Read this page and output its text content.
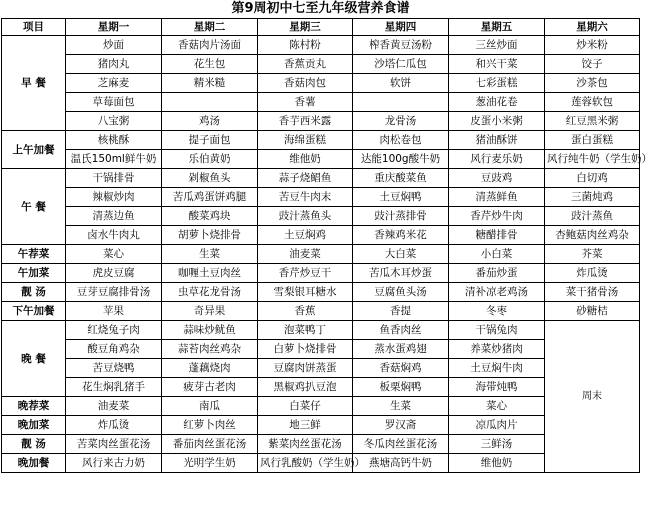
第9周初中七至九年级营养食谱
项目	星期一	星期二	星期三	星期四	星期五	星期六
早 餐	炒面	香菇肉片汤面	陈村粉	榨香黄豆汤粉	三丝炒面	炒米粉
	猪肉丸	花生包	香蕉贡丸	沙塔仁瓜包	和兴干菜	饺子
	芝麻麦	精米糙	香菇肉包	软饼	七彩蛋糕	沙茶包
	草莓面包		香薯		葱油花卷	莲蓉软包
	八宝粥	鸡汤	香芋西米露	龙骨汤	皮蛋小米粥	红豆黑米粥
上午加餐	核桃酥	提子面包	海绵蛋糕	肉松卷包	猪油酥饼	蛋白蛋糕
	温氏150ml鲜牛奶	乐伯黄奶	维他奶	达能100g酸牛奶	风行麦乐奶	风行纯牛奶（学生奶）
午 餐	干锅排骨	剁椒鱼头	蒜子烧鲳鱼	重庆酸菜鱼	豆豉鸡	白切鸡
	辣椒炒肉	苦瓜鸡蛋饼鸡腿	苦豆牛肉末	土豆焖鸭	清蒸鲜鱼	三菌炖鸡
	清蒸边鱼	酸菜鸡块	豉汁蒸鱼头	豉汁蒸排骨	香芹炒牛肉	豉汁蒸鱼
	卤水牛肉丸	胡萝卜烧排骨	土豆焖鸡	香辣鸡米花	糖醋排骨	杏鲍菇肉丝鸡杂
午荐菜	菜心	生菜	油麦菜	大白菜	小白菜	芥菜
午加菜	虎皮豆腐	咖喱土豆肉丝	香芹炒豆干	苦瓜木耳炒蛋	番茄炒蛋	炸瓜烫
靓 汤	豆芽豆腐排骨汤	虫草花龙骨汤	雪梨银耳糖水	豆腐鱼头汤	清补凉老鸡汤	菜干猪骨汤
下午加餐	苹果	奇异果	香蕉	香提	冬枣	砂糖桔
晚 餐	红烧兔子肉	蒜味炒鱿鱼	泡菜鸭丁	鱼香肉丝	干锅兔肉	周末
	酸豆角鸡杂	蒜苔肉丝鸡杂	白萝卜烧排骨	蒸水蛋鸡翅	养菜炒猪肉	
	苦豆烧鸭	蓬藕烧肉	豆腐肉饼蒸蛋	香菇焖鸡	土豆焖牛肉	
	花生焖乳猪手	疲芽古老肉	黑椒鸡扒豆泡	板栗焖鸭	海带炖鸭	
晚荐菜	油麦菜	南瓜	白菜仔	生菜	菜心	
晚加菜	炸瓜烫	红萝卜肉丝	地三鲜	罗汉斋	凉瓜肉片	
靓 汤	苦菜肉丝蛋花汤	番茄肉丝蛋花汤	紫菜肉丝蛋花汤	冬瓜肉丝蛋花汤	三鲜汤	
晚加餐	风行来古力奶	光明学生奶	风行乳酸奶（学生奶）	燕塘高钙牛奶	维他奶	
